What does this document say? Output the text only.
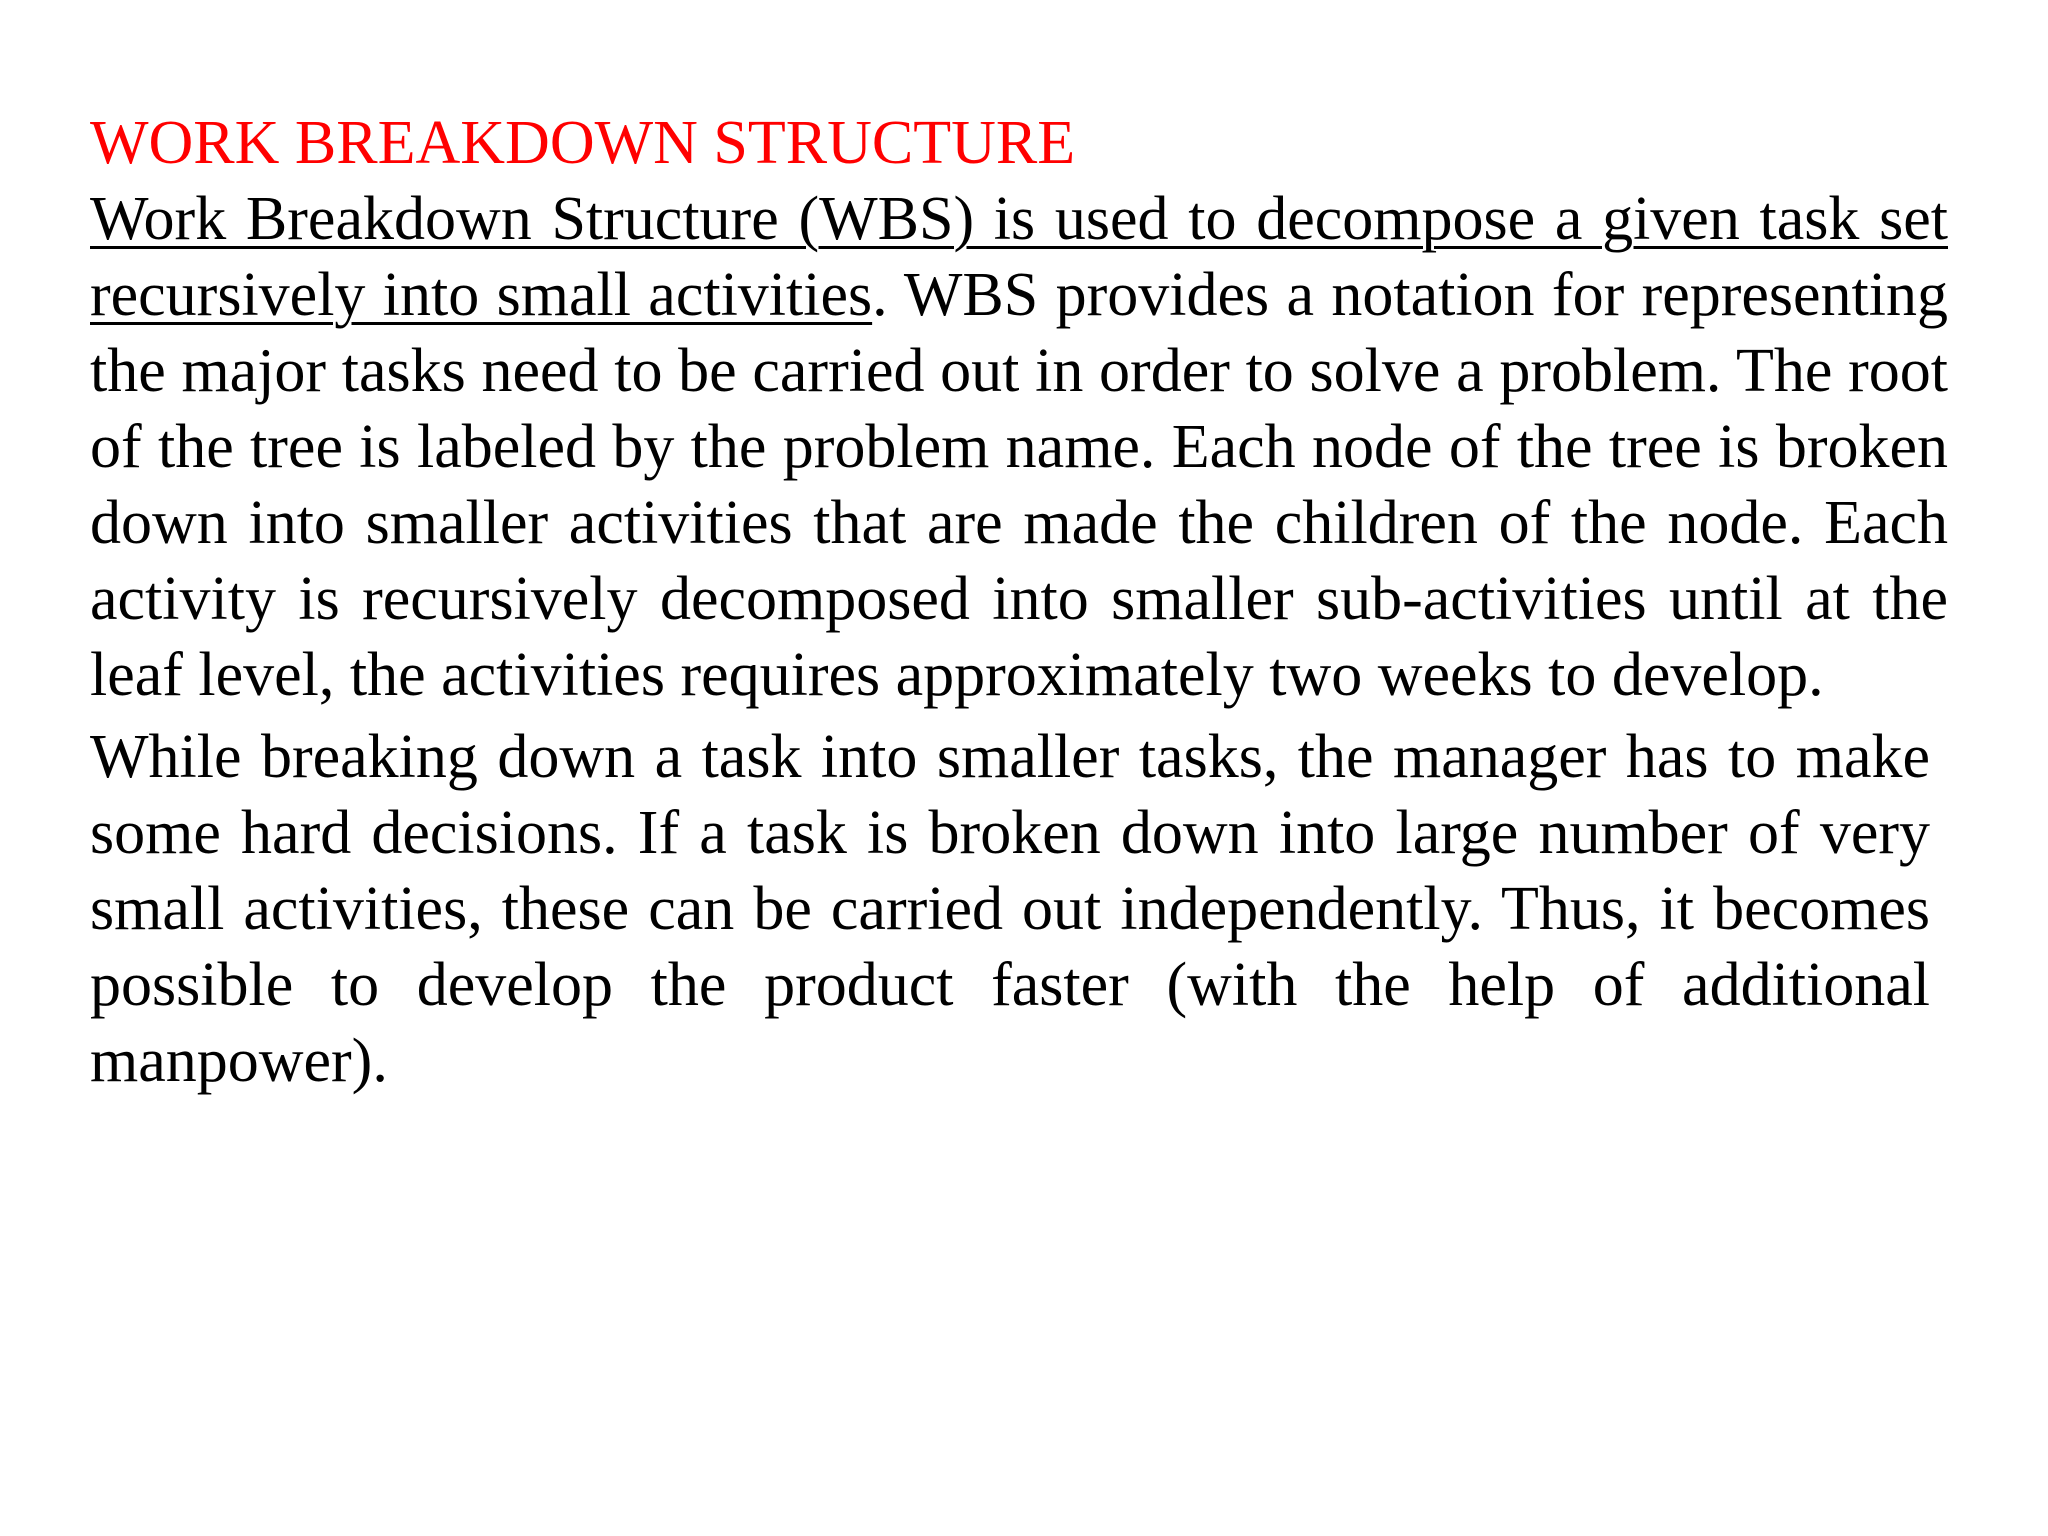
WORK BREAKDOWN STRUCTURE

Work Breakdown Structure (WBS) is used to decompose a given task set recursively into small activities. WBS provides a notation for representing the major tasks need to be carried out in order to solve a problem. The root of the tree is labeled by the problem name. Each node of the tree is broken down into smaller activities that are made the children of the node. Each activity is recursively decomposed into smaller sub-activities until at the leaf level, the activities requires approximately two weeks to develop.

While breaking down a task into smaller tasks, the manager has to make some hard decisions. If a task is broken down into large number of very small activities, these can be carried out independently. Thus, it becomes possible to develop the product faster (with the help of additional manpower).
